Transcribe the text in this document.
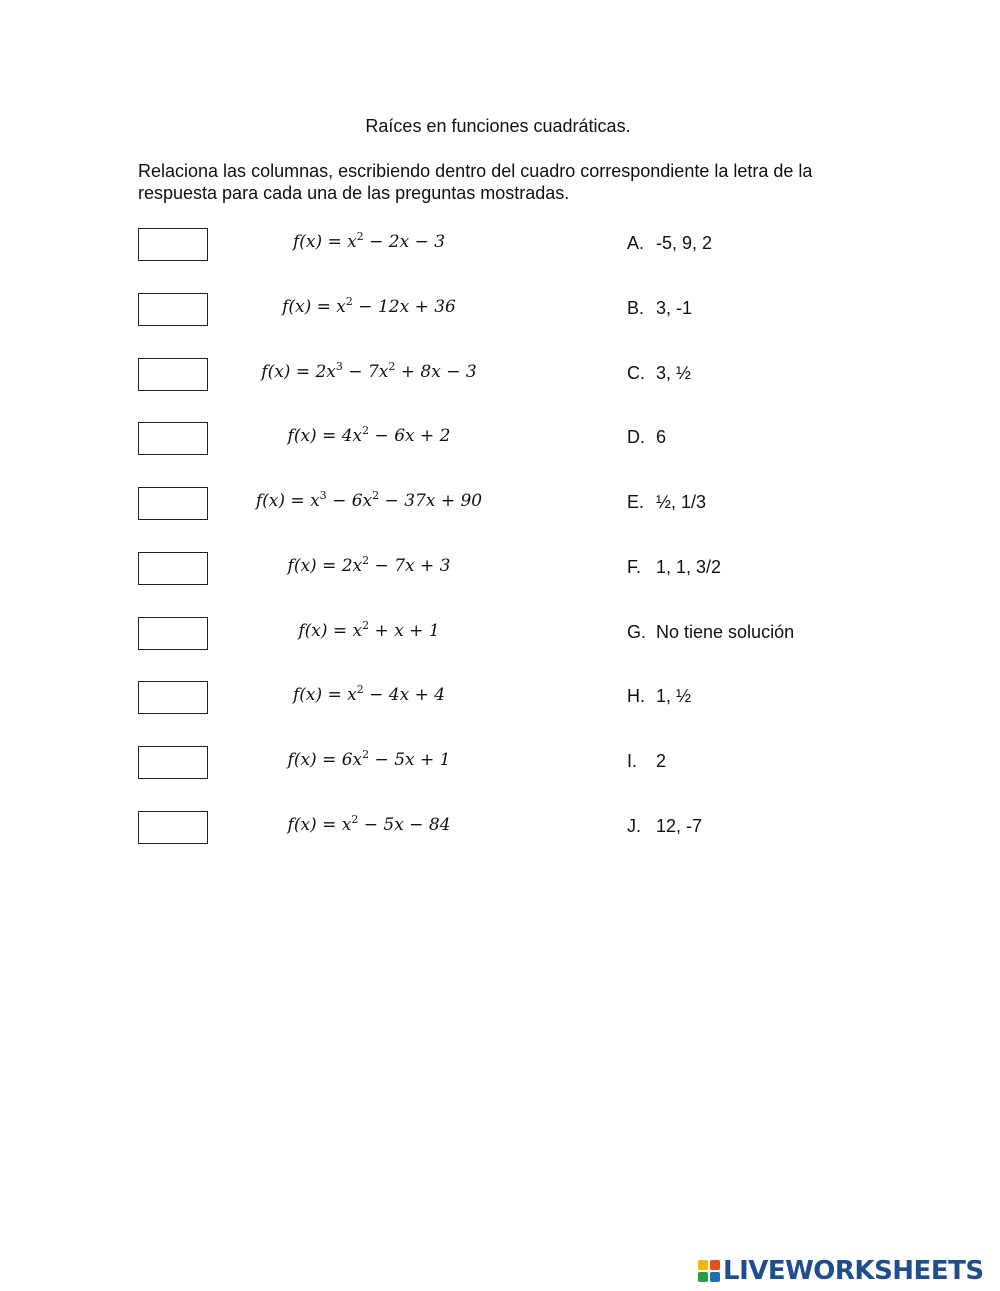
Raíces en funciones cuadráticas.
Relaciona las columnas, escribiendo dentro del cuadro correspondiente la letra de la respuesta para cada una de las preguntas mostradas.
$f(x) = x^2 - 2x - 3$	A. -5, 9, 2
$f(x) = x^2 - 12x + 36$	B. 3, -1
$f(x) = 2x^3 - 7x^2 + 8x - 3$	C. 3, ½
$f(x) = 4x^2 - 6x + 2$	D. 6
$f(x) = x^3 - 6x^2 - 37x + 90$	E. ½, 1/3
$f(x) = 2x^2 - 7x + 3$	F. 1, 1, 3/2
$f(x) = x^2 + x + 1$	G. No tiene solución
$f(x) = x^2 - 4x + 4$	H. 1, ½
$f(x) = 6x^2 - 5x + 1$	I. 2
$f(x) = x^2 - 5x - 84$	J. 12, -7
LIVEWORKSHEETS
